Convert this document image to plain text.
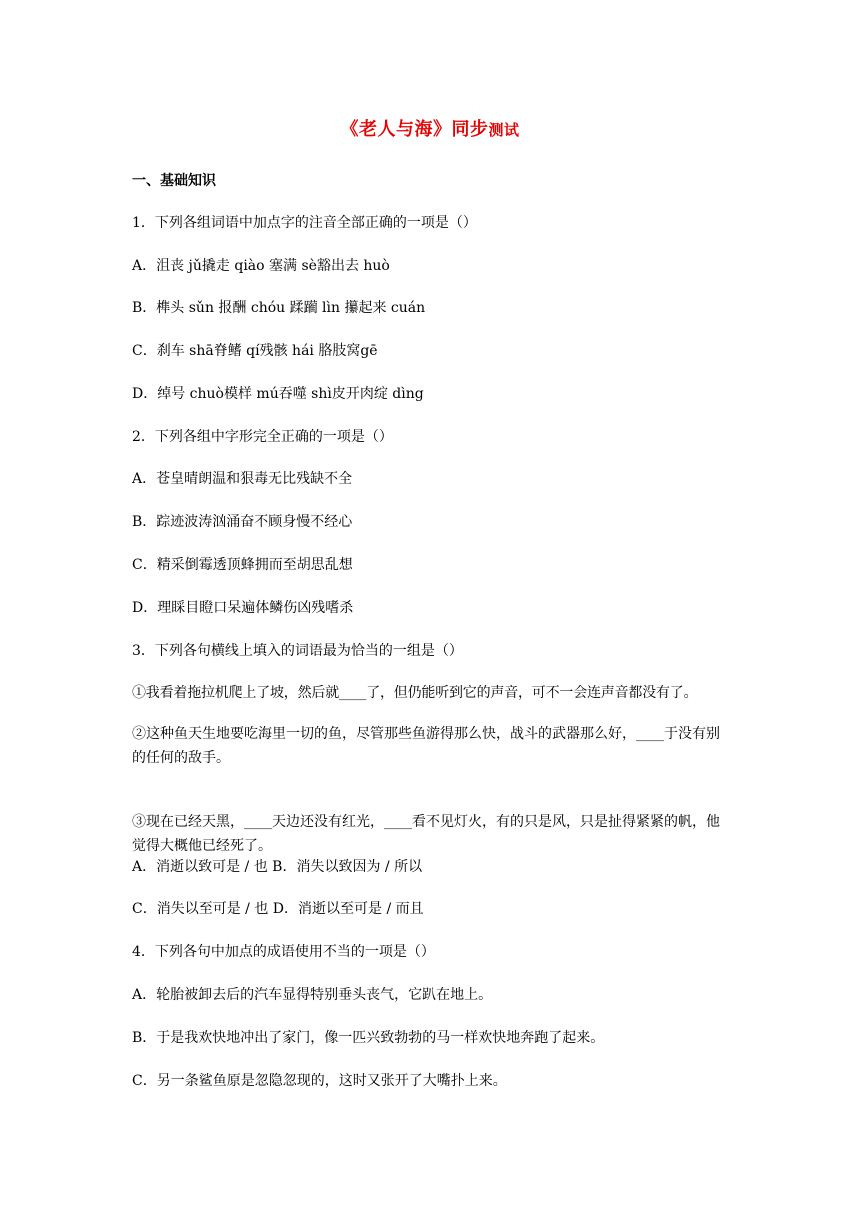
《老人与海》同步测试
一、基础知识
1．下列各组词语中加点字的注音全部正确的一项是（）
A．沮丧 jǔ撬走 qiào 塞满 sè豁出去 huò
B．榫头 sǔn 报酬 chóu 蹂躏 lìn 攥起来 cuán
C．刹车 shā脊鳍 qí残骸 hái 胳肢窝gē
D．绰号 chuò模样 mú吞噬 shì皮开肉绽 dìng
2．下列各组中字形完全正确的一项是（）
A．苍皇晴朗温和狠毒无比残缺不全
B．踪迹波涛汹涌奋不顾身慢不经心
C．精采倒霉透顶蜂拥而至胡思乱想
D．理睬目瞪口呆遍体鳞伤凶残嗜杀
3．下列各句横线上填入的词语最为恰当的一组是（）
①我看着拖拉机爬上了坡，然后就____了，但仍能听到它的声音，可不一会连声音都没有了。
②这种鱼天生地要吃海里一切的鱼，尽管那些鱼游得那么快，战斗的武器那么好，____于没有别的任何的敌手。
③现在已经天黑，____天边还没有红光，____看不见灯火，有的只是风，只是扯得紧紧的帆，他觉得大概他已经死了。
A．消逝以致可是 / 也 B．消失以致因为 / 所以
C．消失以至可是 / 也 D．消逝以至可是 / 而且
4．下列各句中加点的成语使用不当的一项是（）
A．轮胎被卸去后的汽车显得特别垂头丧气，它趴在地上。
B．于是我欢快地冲出了家门，像一匹兴致勃勃的马一样欢快地奔跑了起来。
C．另一条鲨鱼原是忽隐忽现的，这时又张开了大嘴扑上来。
